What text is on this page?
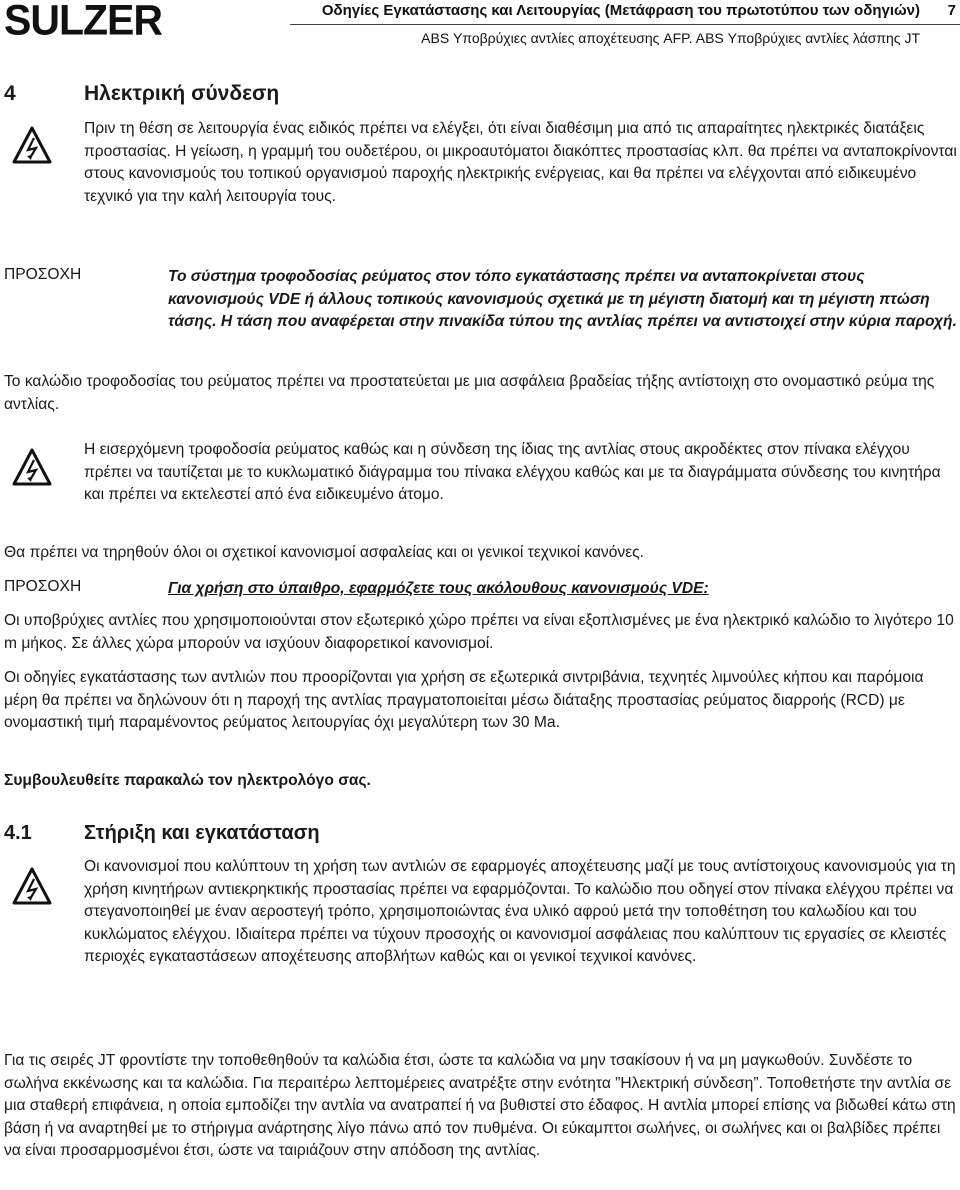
SULZER	Οδηγίες Εγκατάστασης και Λειτουργίας (Μετάφραση του πρωτοτύπου των οδηγιών) 7
ABS Υποβρύχιες αντλίες αποχέτευσης AFP. ABS Υποβρύχιες αντλίες λάσπης JT
4	Ηλεκτρική σύνδεση
Πριν τη θέση σε λειτουργία ένας ειδικός πρέπει να ελέγξει, ότι είναι διαθέσιμη μια από τις απαραίτητες ηλεκτρικές διατάξεις προστασίας. Η γείωση, η γραμμή του ουδετέρου, οι μικροαυτόματοι διακόπτες προστασίας κλπ. θα πρέπει να ανταποκρίνονται στους κανονισμούς του τοπικού οργανισμού παροχής ηλεκτρικής ενέργειας, και θα πρέπει να ελέγχονται από ειδικευμένο τεχνικό για την καλή λειτουργία τους.
ΠΡΟΣΟΧΗ	Το σύστημα τροφοδοσίας ρεύματος στον τόπο εγκατάστασης πρέπει να ανταποκρίνεται στους κανονισμούς VDE ή άλλους τοπικούς κανονισμούς σχετικά με τη μέγιστη διατομή και τη μέγιστη πτώση τάσης. Η τάση που αναφέρεται στην πινακίδα τύπου της αντλίας πρέπει να αντιστοιχεί στην κύρια παροχή.
Το καλώδιο τροφοδοσίας του ρεύματος πρέπει να προστατεύεται με μια ασφάλεια βραδείας τήξης αντίστοιχη στο ονομαστικό ρεύμα της αντλίας.
Η εισερχόμενη τροφοδοσία ρεύματος καθώς και η σύνδεση της ίδιας της αντλίας στους ακροδέκτες στον πίνακα ελέγχου πρέπει να ταυτίζεται με το κυκλωματικό διάγραμμα του πίνακα ελέγχου καθώς και με τα διαγράμματα σύνδεσης του κινητήρα και πρέπει να εκτελεστεί από ένα ειδικευμένο άτομο.
Θα πρέπει να τηρηθούν όλοι οι σχετικοί κανονισμοί ασφαλείας και οι γενικοί τεχνικοί κανόνες.
ΠΡΟΣΟΧΗ	Για χρήση στο ύπαιθρο, εφαρμόζετε τους ακόλουθους κανονισμούς VDE:
Οι υποβρύχιες αντλίες που χρησιμοποιούνται στον εξωτερικό χώρο πρέπει να είναι εξοπλισμένες με ένα ηλεκτρικό καλώδιο το λιγότερο 10 m μήκος. Σε άλλες χώρα μπορούν να ισχύουν διαφορετικοί κανονισμοί.
Οι οδηγίες εγκατάστασης των αντλιών που προορίζονται για χρήση σε εξωτερικά σιντριβάνια, τεχνητές λιμνούλες κήπου και παρόμοια μέρη θα πρέπει να δηλώνουν ότι η παροχή της αντλίας πραγματοποιείται μέσω διάταξης προστασίας ρεύματος διαρροής (RCD) με ονομαστική τιμή παραμένοντος ρεύματος λειτουργίας όχι μεγαλύτερη των 30 Ma.
Συμβουλευθείτε παρακαλώ τον ηλεκτρολόγο σας.
4.1	Στήριξη και εγκατάσταση
Οι κανονισμοί που καλύπτουν τη χρήση των αντλιών σε εφαρμογές αποχέτευσης μαζί με τους αντίστοιχους κανονισμούς για τη χρήση κινητήρων αντιεκρηκτικής προστασίας πρέπει να εφαρμόζονται. Το καλώδιο που οδηγεί στον πίνακα ελέγχου πρέπει να στεγανοποιηθεί με έναν αεροστεγή τρόπο, χρησιμοποιώντας ένα υλικό αφρού μετά την τοποθέτηση του καλωδίου και του κυκλώματος ελέγχου. Ιδιαίτερα πρέπει να τύχουν προσοχής οι κανονισμοί ασφάλειας που καλύπτουν τις εργασίες σε κλειστές περιοχές εγκαταστάσεων αποχέτευσης αποβλήτων καθώς και οι γενικοί τεχνικοί κανόνες.
Για τις σειρές JT φροντίστε την τοποθεθηθούν τα καλώδια έτσι, ώστε τα καλώδια να μην τσακίσουν ή να μη μαγκωθούν. Συνδέστε το σωλήνα εκκένωσης και τα καλώδια. Για περαιτέρω λεπτομέρειες ανατρέξτε στην ενότητα ”Ηλεκτρική σύνδεση”. Τοποθετήστε την αντλία σε μια σταθερή επιφάνεια, η οποία εμποδίζει την αντλία να ανατραπεί ή να βυθιστεί στο έδαφος. Η αντλία μπορεί επίσης να βιδωθεί κάτω στη βάση ή να αναρτηθεί με το στήριγμα ανάρτησης λίγο πάνω από τον πυθμένα. Οι εύκαμπτοι σωλήνες, οι σωλήνες και οι βαλβίδες πρέπει να είναι προσαρμοσμένοι έτσι, ώστε να ταιριάζουν στην απόδοση της αντλίας.
